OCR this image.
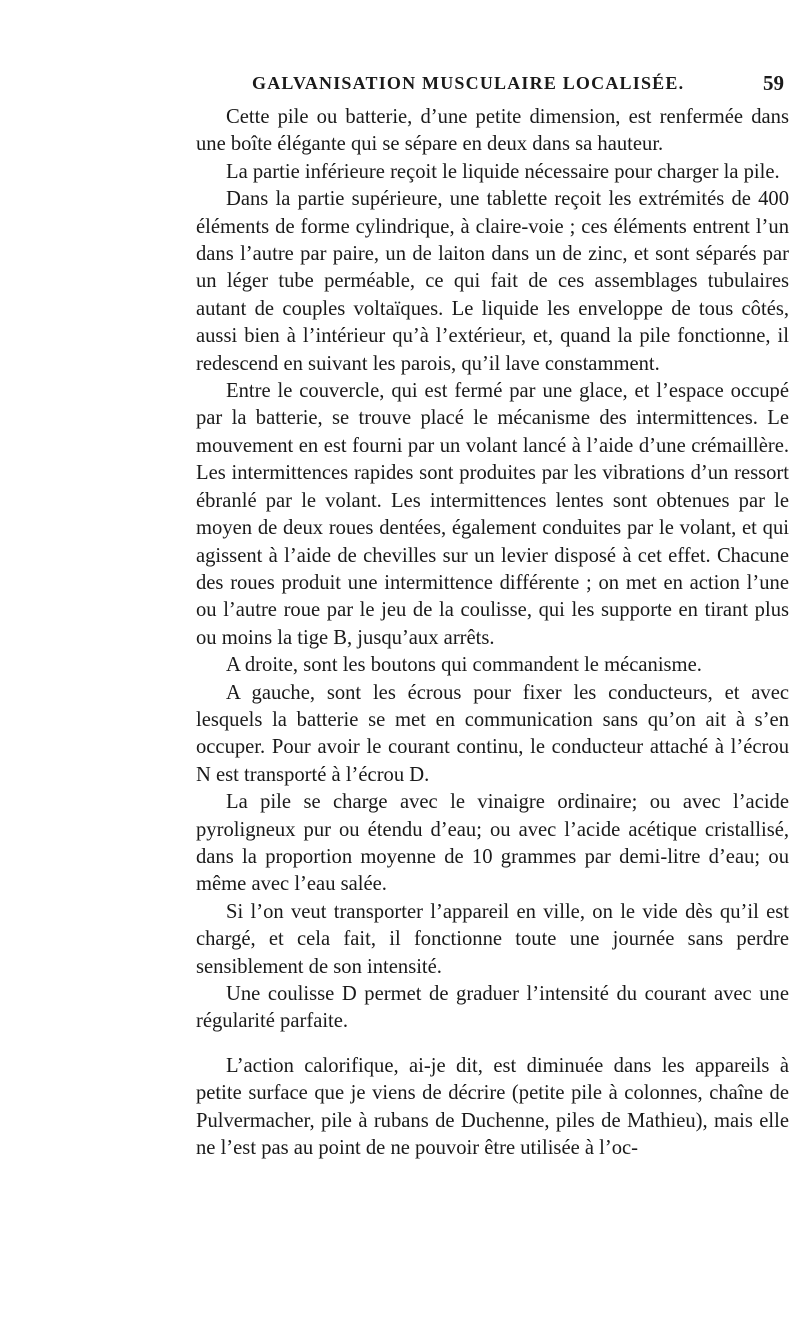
GALVANISATION MUSCULAIRE LOCALISÉE.	59

Cette pile ou batterie, d’une petite dimension, est renfermée dans une boîte élégante qui se sépare en deux dans sa hauteur.

La partie inférieure reçoit le liquide nécessaire pour charger la pile.

Dans la partie supérieure, une tablette reçoit les extrémités de 400 éléments de forme cylindrique, à claire-voie ; ces éléments entrent l’un dans l’autre par paire, un de laiton dans un de zinc, et sont séparés par un léger tube perméable, ce qui fait de ces assemblages tubulaires autant de couples voltaïques. Le liquide les enveloppe de tous côtés, aussi bien à l’intérieur qu’à l’extérieur, et, quand la pile fonctionne, il redescend en suivant les parois, qu’il lave constamment.

Entre le couvercle, qui est fermé par une glace, et l’espace occupé par la batterie, se trouve placé le mécanisme des intermittences. Le mouvement en est fourni par un volant lancé à l’aide d’une crémaillère. Les intermittences rapides sont produites par les vibrations d’un ressort ébranlé par le volant. Les intermittences lentes sont obtenues par le moyen de deux roues dentées, également conduites par le volant, et qui agissent à l’aide de chevilles sur un levier disposé à cet effet. Chacune des roues produit une intermittence différente ; on met en action l’une ou l’autre roue par le jeu de la coulisse, qui les supporte en tirant plus ou moins la tige B, jusqu’aux arrêts.

A droite, sont les boutons qui commandent le mécanisme.

A gauche, sont les écrous pour fixer les conducteurs, et avec lesquels la batterie se met en communication sans qu’on ait à s’en occuper. Pour avoir le courant continu, le conducteur attaché à l’écrou N est transporté à l’écrou D.

La pile se charge avec le vinaigre ordinaire; ou avec l’acide pyroligneux pur ou étendu d’eau; ou avec l’acide acétique cristallisé, dans la proportion moyenne de 10 grammes par demi-litre d’eau; ou même avec l’eau salée.

Si l’on veut transporter l’appareil en ville, on le vide dès qu’il est chargé, et cela fait, il fonctionne toute une journée sans perdre sensiblement de son intensité.

Une coulisse D permet de graduer l’intensité du courant avec une régularité parfaite.

L’action calorifique, ai-je dit, est diminuée dans les appareils à petite surface que je viens de décrire (petite pile à colonnes, chaîne de Pulvermacher, pile à rubans de Duchenne, piles de Mathieu), mais elle ne l’est pas au point de ne pouvoir être utilisée à l’oc-
